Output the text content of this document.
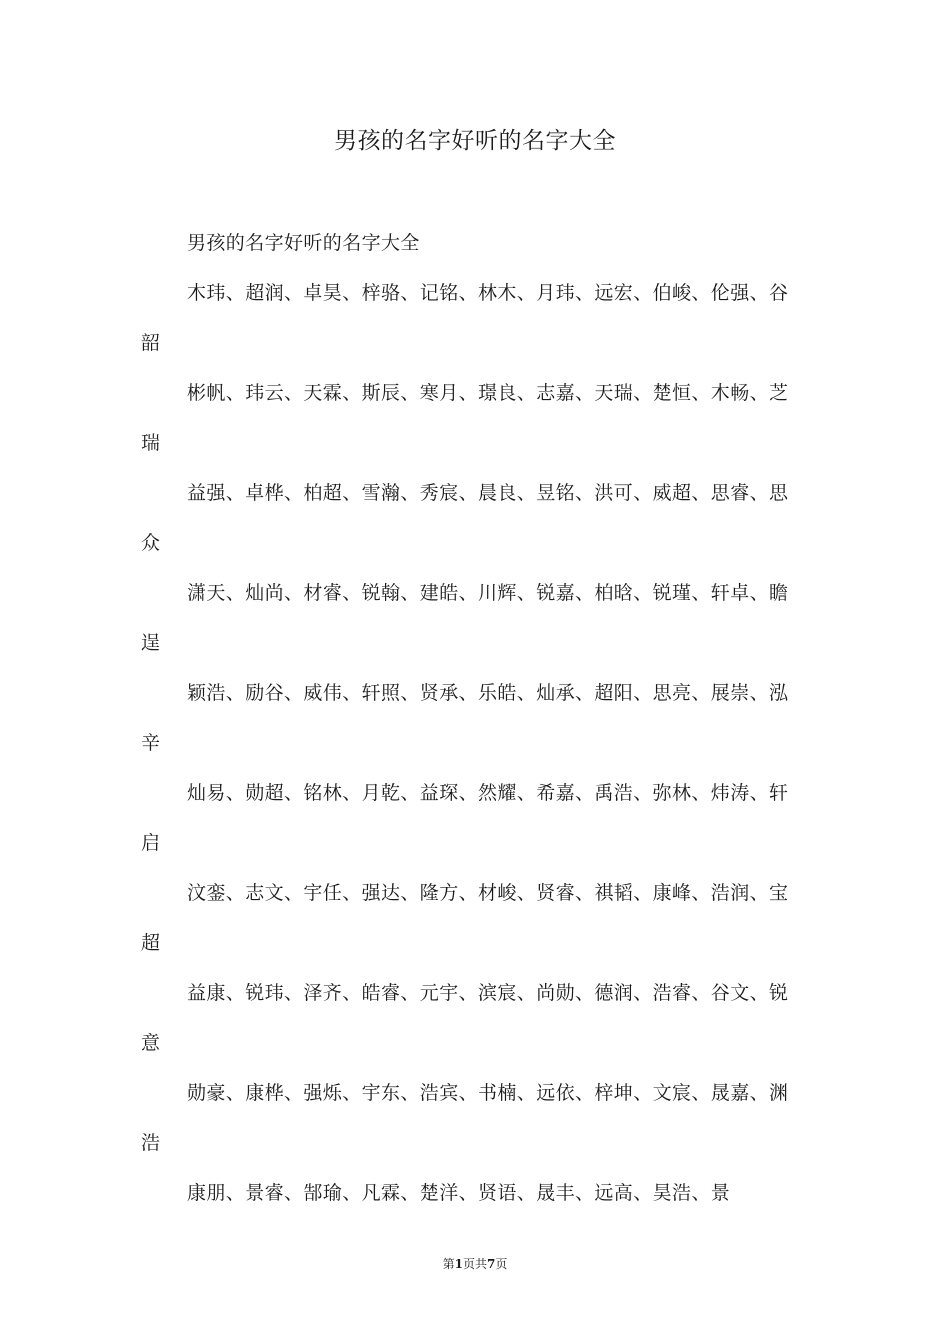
男孩的名字好听的名字大全

男孩的名字好听的名字大全

木玮、超润、卓昊、梓骆、记铭、林木、月玮、远宏、伯峻、伦强、谷韶

彬帆、玮云、天霖、斯辰、寒月、璟良、志嘉、天瑞、楚恒、木畅、芝瑞

益强、卓桦、柏超、雪瀚、秀宸、晨良、昱铭、洪可、威超、思睿、思众

潇天、灿尚、材睿、锐翰、建皓、川辉、锐嘉、柏晗、锐瑾、轩卓、瞻逞

颖浩、励谷、威伟、轩照、贤承、乐皓、灿承、超阳、思亮、展崇、泓辛

灿易、勋超、铭林、月乾、益琛、然耀、希嘉、禹浩、弥林、炜涛、轩启

汶銮、志文、宇任、强达、隆方、材峻、贤睿、祺韬、康峰、浩润、宝超

益康、锐玮、泽齐、皓睿、元宇、滨宸、尚勋、德润、浩睿、谷文、锐意

勋豪、康桦、强烁、宇东、浩宾、书楠、远依、梓坤、文宸、晟嘉、渊浩

康朋、景睿、郜瑜、凡霖、楚洋、贤语、晟丰、远高、昊浩、景

第1页共7页
